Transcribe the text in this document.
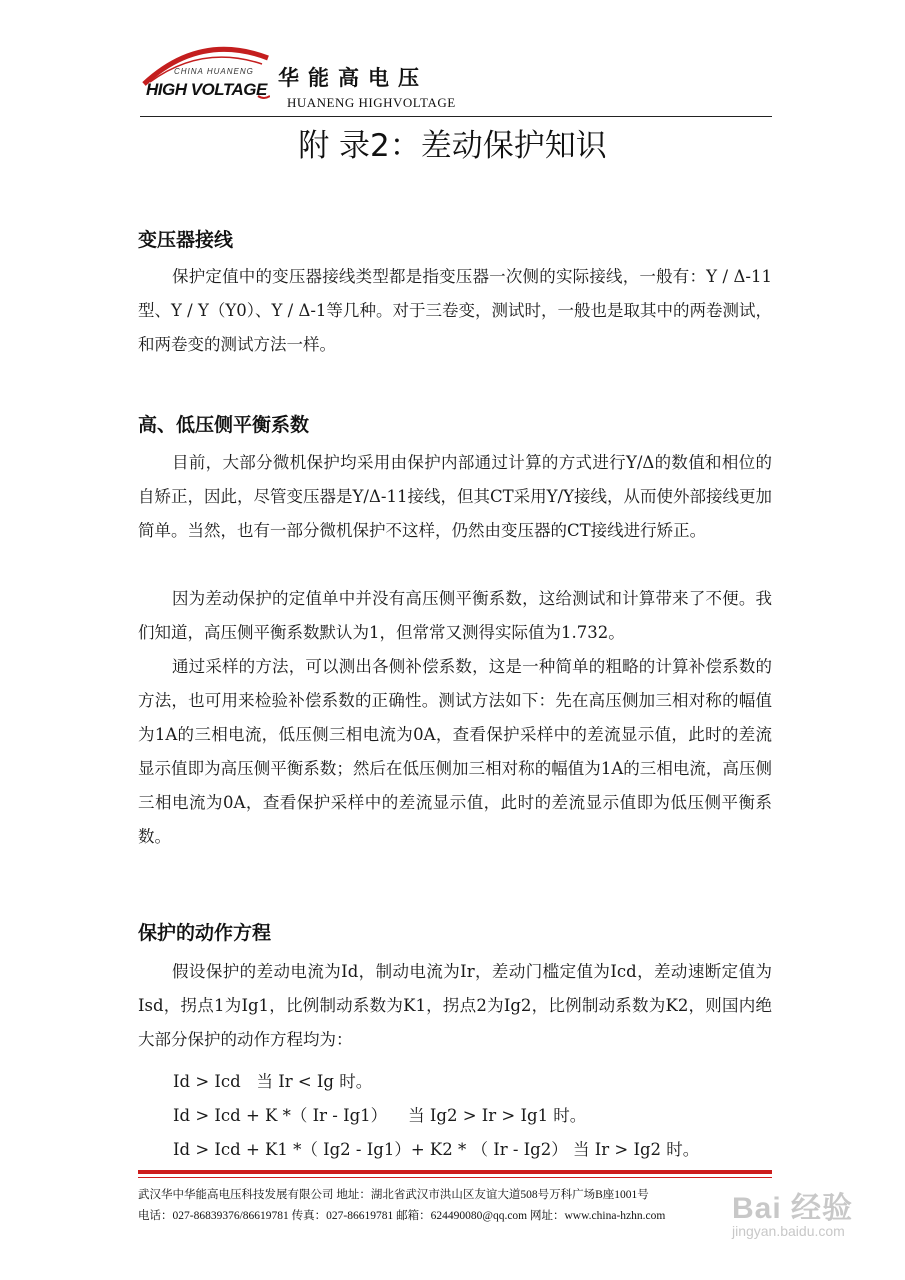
CHINA HUANENG
HIGH VOLTAGE 华能高电压
HUANENG HIGHVOLTAGE
附 录2：差动保护知识
变压器接线
保护定值中的变压器接线类型都是指变压器一次侧的实际接线，一般有：Y / Δ-11型、Y / Y（Y0）、Y / Δ-1等几种。对于三卷变，测试时，一般也是取其中的两卷测试，和两卷变的测试方法一样。
高、低压侧平衡系数
目前，大部分微机保护均采用由保护内部通过计算的方式进行Y/Δ的数值和相位的自矫正，因此，尽管变压器是Y/Δ-11接线，但其CT采用Y/Y接线，从而使外部接线更加简单。当然，也有一部分微机保护不这样，仍然由变压器的CT接线进行矫正。
因为差动保护的定值单中并没有高压侧平衡系数，这给测试和计算带来了不便。我们知道，高压侧平衡系数默认为1，但常常又测得实际值为1.732。
通过采样的方法，可以测出各侧补偿系数，这是一种简单的粗略的计算补偿系数的方法，也可用来检验补偿系数的正确性。测试方法如下：先在高压侧加三相对称的幅值为1A的三相电流，低压侧三相电流为0A，查看保护采样中的差流显示值，此时的差流显示值即为高压侧平衡系数；然后在低压侧加三相对称的幅值为1A的三相电流，高压侧三相电流为0A，查看保护采样中的差流显示值，此时的差流显示值即为低压侧平衡系数。
保护的动作方程
假设保护的差动电流为Id，制动电流为Ir，差动门槛定值为Icd，差动速断定值为Isd，拐点1为Ig1，比例制动系数为K1，拐点2为Ig2，比例制动系数为K2，则国内绝大部分保护的动作方程均为：
Id > Icd   当 Ir < Ig 时。
Id > Icd + K *（ Ir - Ig1）    当 Ig2 > Ir > Ig1 时。
Id > Icd + K1 *（ Ig2 - Ig1）+ K2 * （ Ir - Ig2） 当 Ir > Ig2 时。
武汉华中华能高电压科技发展有限公司 地址：湖北省武汉市洪山区友谊大道508号万科广场B座1001号
电话：027-86839376/86619781 传真：027-86619781 邮箱：624490080@qq.com 网址：www.china-hzhn.com Bai 经验
jingyan.baidu.com
